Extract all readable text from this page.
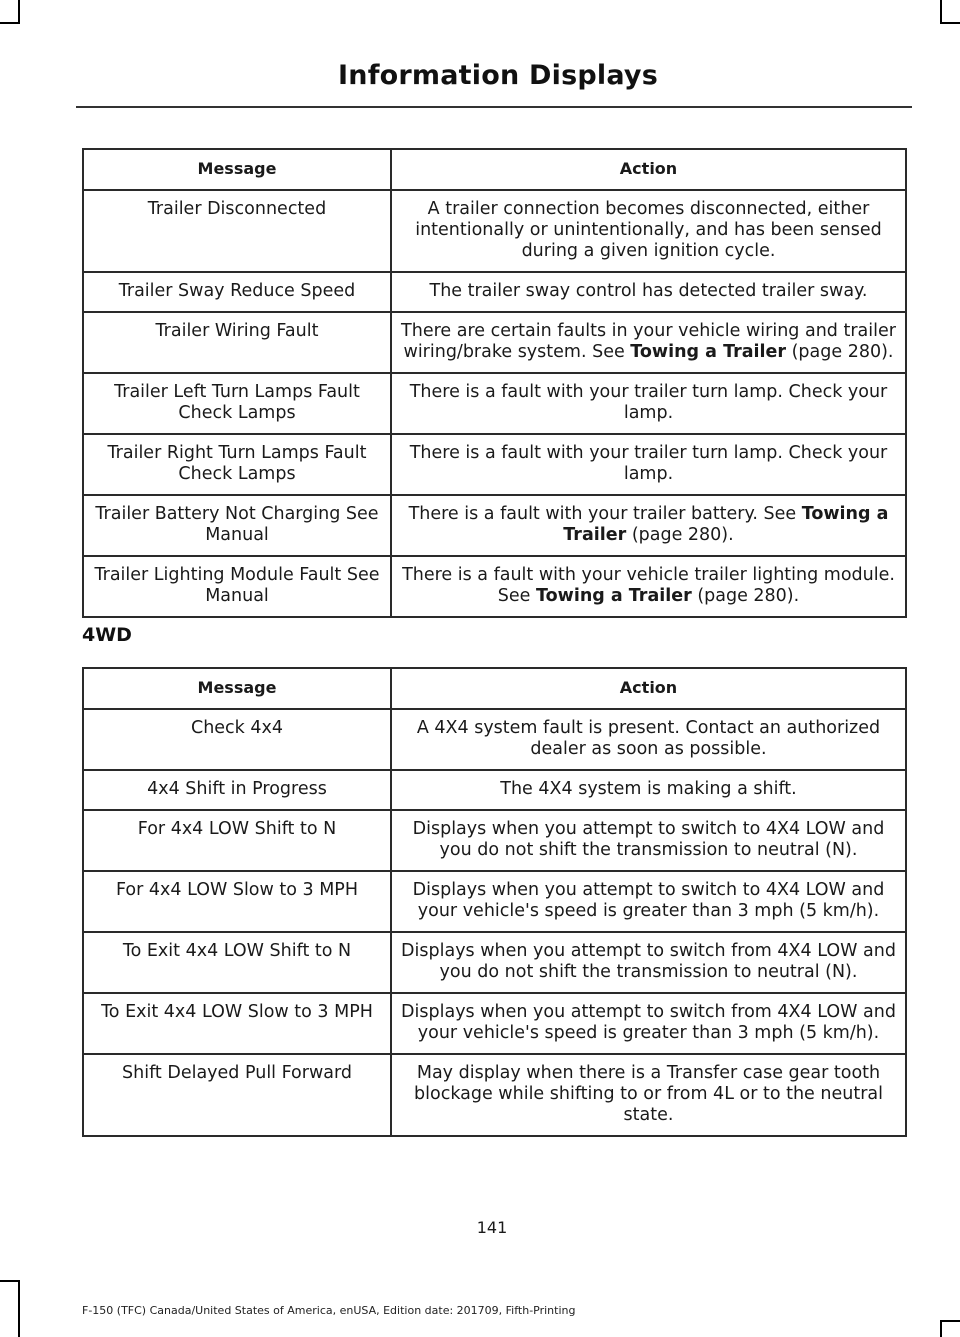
Information Displays
Message	Action
Trailer Disconnected	A trailer connection becomes disconnected, either intentionally or unintentionally, and has been sensed during a given ignition cycle.
Trailer Sway Reduce Speed	The trailer sway control has detected trailer sway.
Trailer Wiring Fault	There are certain faults in your vehicle wiring and trailer wiring/brake system. See Towing a Trailer (page 280).
Trailer Left Turn Lamps Fault Check Lamps	There is a fault with your trailer turn lamp. Check your lamp.
Trailer Right Turn Lamps Fault Check Lamps	There is a fault with your trailer turn lamp. Check your lamp.
Trailer Battery Not Charging See Manual	There is a fault with your trailer battery. See Towing a Trailer (page 280).
Trailer Lighting Module Fault See Manual	There is a fault with your vehicle trailer lighting module. See Towing a Trailer (page 280).
4WD
Message	Action
Check 4x4	A 4X4 system fault is present. Contact an authorized dealer as soon as possible.
4x4 Shift in Progress	The 4X4 system is making a shift.
For 4x4 LOW Shift to N	Displays when you attempt to switch to 4X4 LOW and you do not shift the transmission to neutral (N).
For 4x4 LOW Slow to 3 MPH	Displays when you attempt to switch to 4X4 LOW and your vehicle's speed is greater than 3 mph (5 km/h).
To Exit 4x4 LOW Shift to N	Displays when you attempt to switch from 4X4 LOW and you do not shift the transmission to neutral (N).
To Exit 4x4 LOW Slow to 3 MPH	Displays when you attempt to switch from 4X4 LOW and your vehicle's speed is greater than 3 mph (5 km/h).
Shift Delayed Pull Forward	May display when there is a Transfer case gear tooth blockage while shifting to or from 4L or to the neutral state.
141
F-150 (TFC) Canada/United States of America, enUSA, Edition date: 201709, Fifth-Printing
